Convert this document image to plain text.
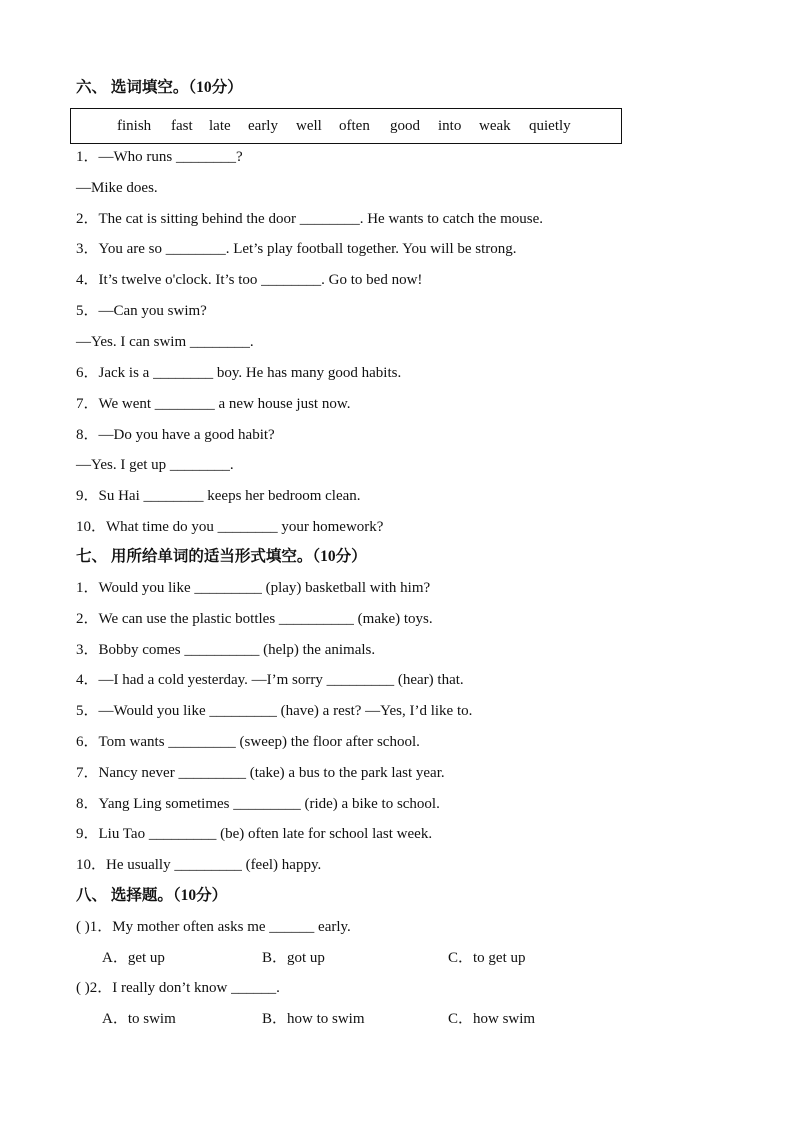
六、 选词填空。（10分）
finish fast late early well often good into weak quietly
1．—Who runs ________?
—Mike does.
2．The cat is sitting behind the door ________. He wants to catch the mouse.
3．You are so ________. Let’s play football together. You will be strong.
4．It’s twelve o'clock. It’s too ________. Go to bed now!
5．—Can you swim?
—Yes. I can swim ________.
6．Jack is a ________ boy. He has many good habits.
7．We went ________ a new house just now.
8．—Do you have a good habit?
—Yes. I get up ________.
9．Su Hai ________ keeps her bedroom clean.
10．What time do you ________ your homework?
七、 用所给单词的适当形式填空。（10分）
1．Would you like _________ (play) basketball with him?
2．We can use the plastic bottles __________ (make) toys.
3．Bobby comes __________ (help) the animals.
4．—I had a cold yesterday. —I’m sorry _________ (hear) that.
5．—Would you like _________ (have) a rest? —Yes, I’d like to.
6．Tom wants _________ (sweep) the floor after school.
7．Nancy never _________ (take) a bus to the park last year.
8．Yang Ling sometimes _________ (ride) a bike to school.
9．Liu Tao _________ (be) often late for school last week.
10．He usually _________ (feel) happy.
八、 选择题。（10分）
( )1．My mother often asks me ______ early.
A．get up	B．got up	C．to get up
( )2．I really don’t know ______.
A．to swim	B．how to swim	C．how swim
